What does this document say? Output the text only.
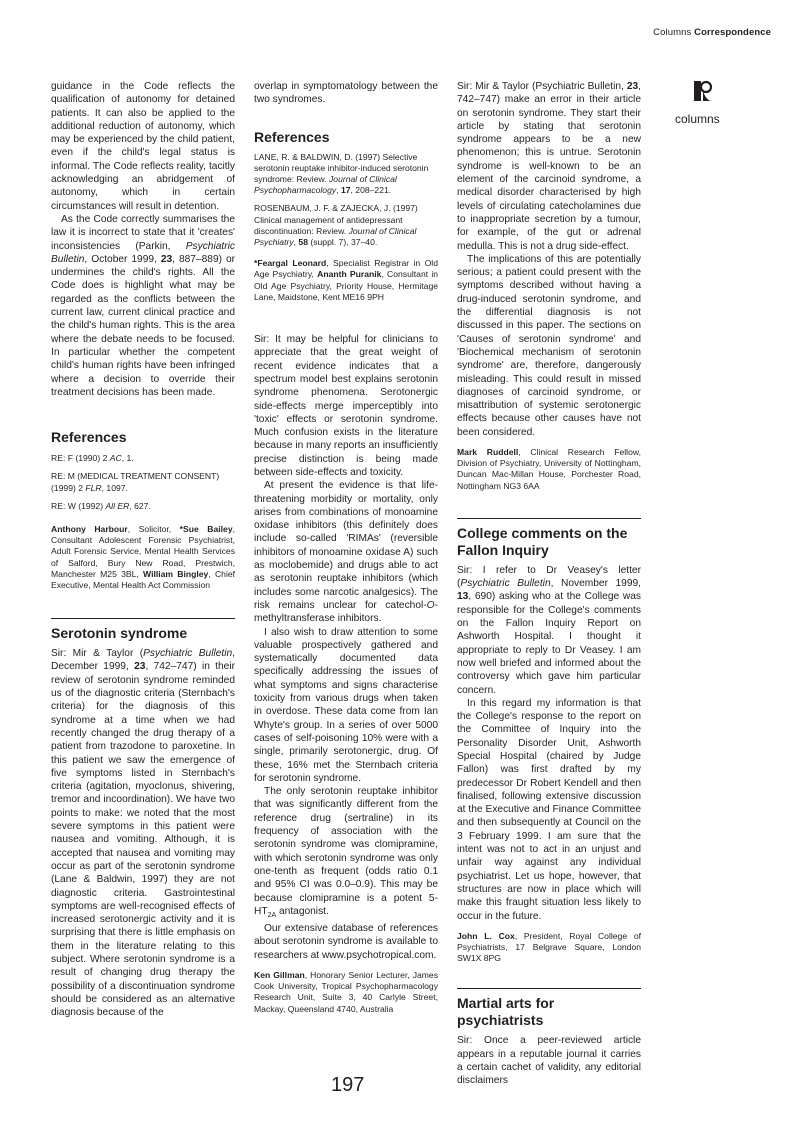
Columns Correspondence
columns

guidance in the Code reflects the qualification of autonomy for detained patients. It can also be applied to the additional reduction of autonomy, which may be experienced by the child patient, even if the child's legal status is informal. The Code reflects reality, tacitly acknowledging an abridgement of autonomy, which in certain circumstances will result in detention.

As the Code correctly summarises the law it is incorrect to state that it 'creates' inconsistencies (Parkin, Psychiatric Bulletin, October 1999, 23, 887–889) or undermines the child's rights. All the Code does is highlight what may be regarded as the conflicts between the current law, current clinical practice and the child's human rights. This is the area where the debate needs to be focused. In particular whether the competent child's human rights have been infringed where a decision to override their treatment decisions has been made.

References

RE: F (1990) 2 AC, 1.

RE: M (MEDICAL TREATMENT CONSENT) (1999) 2 FLR, 1097.

RE: W (1992) All ER, 627.

Anthony Harbour, Solicitor, *Sue Bailey, Consultant Adolescent Forensic Psychiatrist, Adult Forensic Service, Mental Health Services of Salford, Bury New Road, Prestwich, Manchester M25 3BL, William Bingley, Chief Executive, Mental Health Act Commission

Serotonin syndrome

Sir: Mir & Taylor (Psychiatric Bulletin, December 1999, 23, 742–747) in their review of serotonin syndrome reminded us of the diagnostic criteria (Sternbach's criteria) for the diagnosis of this syndrome at a time when we had recently changed the drug therapy of a patient from trazodone to paroxetine. In this patient we saw the emergence of five symptoms listed in Sternbach's criteria (agitation, myoclonus, shivering, tremor and incoordination). We have two points to make: we noted that the most severe symptoms in this patient were nausea and vomiting. Although, it is accepted that nausea and vomiting may occur as part of the serotonin syndrome (Lane & Baldwin, 1997) they are not diagnostic criteria. Gastrointestinal symptoms are well-recognised effects of increased serotonergic activity and it is surprising that there is little emphasis on them in the literature relating to this subject. Where serotonin syndrome is a result of changing drug therapy the possibility of a discontinuation syndrome should be considered as an alternative diagnosis because of the

overlap in symptomatology between the two syndromes.

References

LANE, R. & BALDWIN, D. (1997) Selective serotonin reuptake inhibitor-induced serotonin syndrome: Review. Journal of Clinical Psychopharmacology, 17, 208–221.

ROSENBAUM, J. F. & ZAJECKA, J. (1997) Clinical management of antidepressant discontinuation: Review. Journal of Clinical Psychiatry, 58 (suppl. 7), 37–40.

*Feargal Leonard, Specialist Registrar in Old Age Psychiatry, Ananth Puranik, Consultant in Old Age Psychiatry, Priority House, Hermitage Lane, Maidstone, Kent ME16 9PH

Sir: It may be helpful for clinicians to appreciate that the great weight of recent evidence indicates that a spectrum model best explains serotonin syndrome phenomena. Serotonergic side-effects merge imperceptibly into 'toxic' effects or serotonin syndrome. Much confusion exists in the literature because in many reports an insufficiently precise distinction is being made between side-effects and toxicity.

At present the evidence is that life-threatening morbidity or mortality, only arises from combinations of monoamine oxidase inhibitors (this definitely does include so-called 'RIMAs' (reversible inhibitors of monoamine oxidase A) such as moclobemide) and drugs able to act as serotonin reuptake inhibitors (which includes some narcotic analgesics). The risk remains unclear for catechol-O-methyltransferase inhibitors.

I also wish to draw attention to some valuable prospectively gathered and systematically documented data specifically addressing the issues of what symptoms and signs characterise toxicity from various drugs when taken in overdose. These data come from Ian Whyte's group. In a series of over 5000 cases of self-poisoning 10% were with a single, primarily serotonergic, drug. Of these, 16% met the Sternbach criteria for serotonin syndrome.

The only serotonin reuptake inhibitor that was significantly different from the reference drug (sertraline) in its frequency of association with the serotonin syndrome was clomipramine, with which serotonin syndrome was only one-tenth as frequent (odds ratio 0.1 and 95% CI was 0.0–0.9). This may be because clomipramine is a potent $5-HT_{2A}$ antagonist.

Our extensive database of references about serotonin syndrome is available to researchers at www.psychotropical.com.

Ken Gillman, Honorary Senior Lecturer, James Cook University, Tropical Psychopharmacology Research Unit, Suite 3, 40 Carlyle Street, Mackay, Queensland 4740, Australia

Sir: Mir & Taylor (Psychiatric Bulletin, 23, 742–747) make an error in their article on serotonin syndrome. They start their article by stating that serotonin syndrome appears to be a new phenomenon; this is untrue. Serotonin syndrome is well-known to be an element of the carcinoid syndrome, a medical disorder characterised by high levels of circulating catecholamines due to inappropriate secretion by a tumour, for example, of the gut or adrenal medulla. This is not a drug side-effect.

The implications of this are potentially serious; a patient could present with the symptoms described without having a drug-induced serotonin syndrome, and the differential diagnosis is not discussed in this paper. The sections on 'Causes of serotonin syndrome' and 'Biochemical mechanism of serotonin syndrome' are, therefore, dangerously misleading. This could result in missed diagnoses of carcinoid syndrome, or misattribution of systemic serotonergic effects because other causes have not been considered.

Mark Ruddell, Clinical Research Fellow, Division of Psychiatry, University of Nottingham, Duncan Mac-Millan House, Porchester Road, Nottingham NG3 6AA

College comments on the Fallon Inquiry

Sir: I refer to Dr Veasey's letter (Psychiatric Bulletin, November 1999, 13, 690) asking who at the College was responsible for the College's comments on the Fallon Inquiry Report on Ashworth Hospital. I thought it appropriate to reply to Dr Veasey. I am now well briefed and informed about the controversy which gave him particular concern.

In this regard my information is that the College's response to the report on the Committee of Inquiry into the Personality Disorder Unit, Ashworth Special Hospital (chaired by Judge Fallon) was first drafted by my predecessor Dr Robert Kendell and then finalised, following extensive discussion at the Executive and Finance Committee and then subsequently at Council on the 3 February 1999. I am sure that the intent was not to act in an unjust and unfair way against any individual psychiatrist. Let us hope, however, that structures are now in place which will make this fraught situation less likely to occur in the future.

John L. Cox, President, Royal College of Psychiatrists, 17 Belgrave Square, London SW1X 8PG

Martial arts for psychiatrists

Sir: Once a peer-reviewed article appears in a reputable journal it carries a certain cachet of validity, any editorial disclaimers

197
